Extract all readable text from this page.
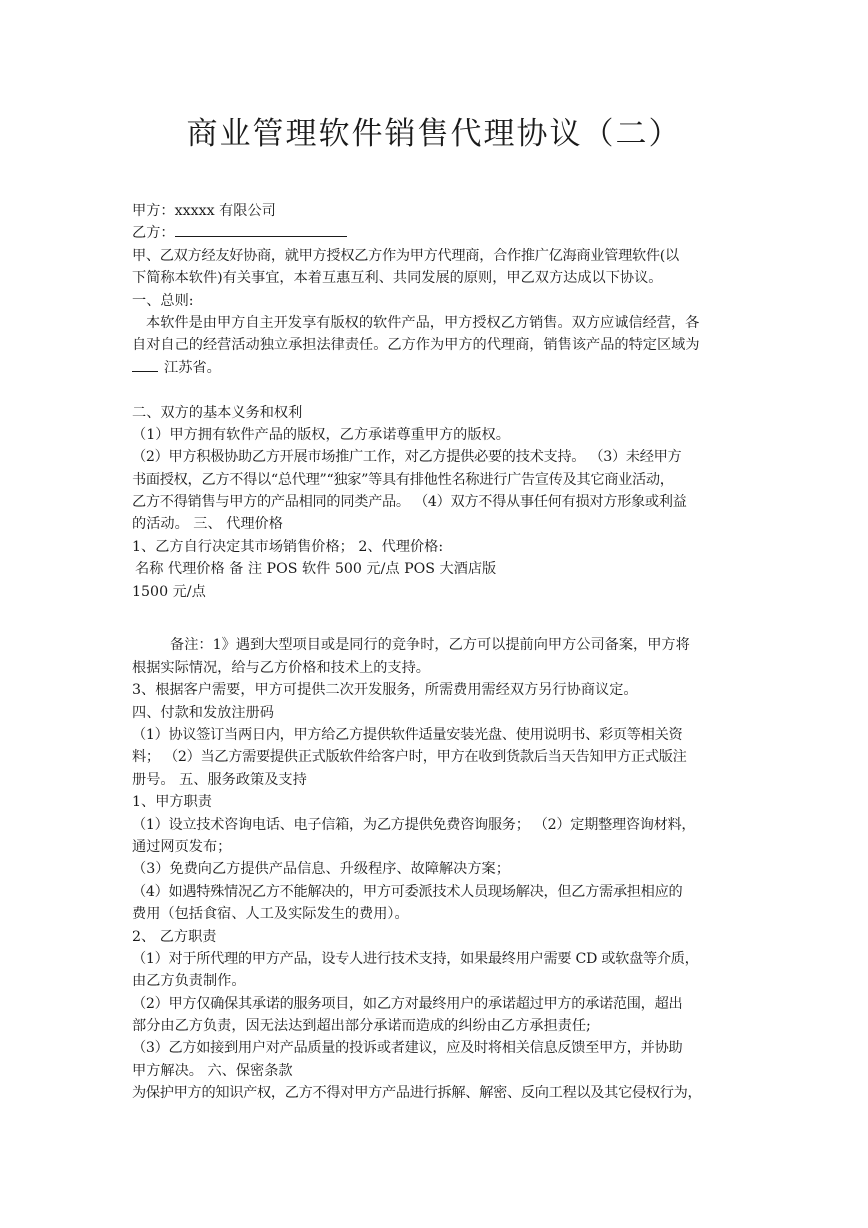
商业管理软件销售代理协议（二）
甲方：xxxxx 有限公司
乙方：
甲、乙双方经友好协商，就甲方授权乙方作为甲方代理商，合作推广亿海商业管理软件(以
下简称本软件)有关事宜，本着互惠互利、共同发展的原则，甲乙双方达成以下协议。
一、总则:
本软件是由甲方自主开发享有版权的软件产品，甲方授权乙方销售。双方应诚信经营，各
自对自己的经营活动独立承担法律责任。乙方作为甲方的代理商，销售该产品的特定区域为
江苏省。
二、双方的基本义务和权利
（1）甲方拥有软件产品的版权，乙方承诺尊重甲方的版权。
（2）甲方积极协助乙方开展市场推广工作，对乙方提供必要的技术支持。 （3）未经甲方
书面授权，乙方不得以“总代理”“独家”等具有排他性名称进行广告宣传及其它商业活动，
乙方不得销售与甲方的产品相同的同类产品。 （4）双方不得从事任何有损对方形象或利益
的活动。 三、 代理价格
1、乙方自行决定其市场销售价格； 2、代理价格:
名称 代理价格 备 注 POS 软件 500 元/点 POS 大酒店版
1500 元/点
备注：1》遇到大型项目或是同行的竞争时，乙方可以提前向甲方公司备案，甲方将
根据实际情况，给与乙方价格和技术上的支持。
3、根据客户需要，甲方可提供二次开发服务，所需费用需经双方另行协商议定。
四、付款和发放注册码
（1）协议签订当两日内，甲方给乙方提供软件适量安装光盘、使用说明书、彩页等相关资
料； （2）当乙方需要提供正式版软件给客户时，甲方在收到货款后当天告知甲方正式版注
册号。 五、服务政策及支持
1、甲方职责
（1）设立技术咨询电话、电子信箱，为乙方提供免费咨询服务； （2）定期整理咨询材料，
通过网页发布；
（3）免费向乙方提供产品信息、升级程序、故障解决方案；
（4）如遇特殊情况乙方不能解决的，甲方可委派技术人员现场解决，但乙方需承担相应的
费用（包括食宿、人工及实际发生的费用）。
2、 乙方职责
（1）对于所代理的甲方产品，设专人进行技术支持，如果最终用户需要 CD 或软盘等介质，
由乙方负责制作。
（2）甲方仅确保其承诺的服务项目，如乙方对最终用户的承诺超过甲方的承诺范围，超出
部分由乙方负责，因无法达到超出部分承诺而造成的纠纷由乙方承担责任;
（3）乙方如接到用户对产品质量的投诉或者建议，应及时将相关信息反馈至甲方，并协助
甲方解决。 六、保密条款
为保护甲方的知识产权，乙方不得对甲方产品进行拆解、解密、反向工程以及其它侵权行为，
